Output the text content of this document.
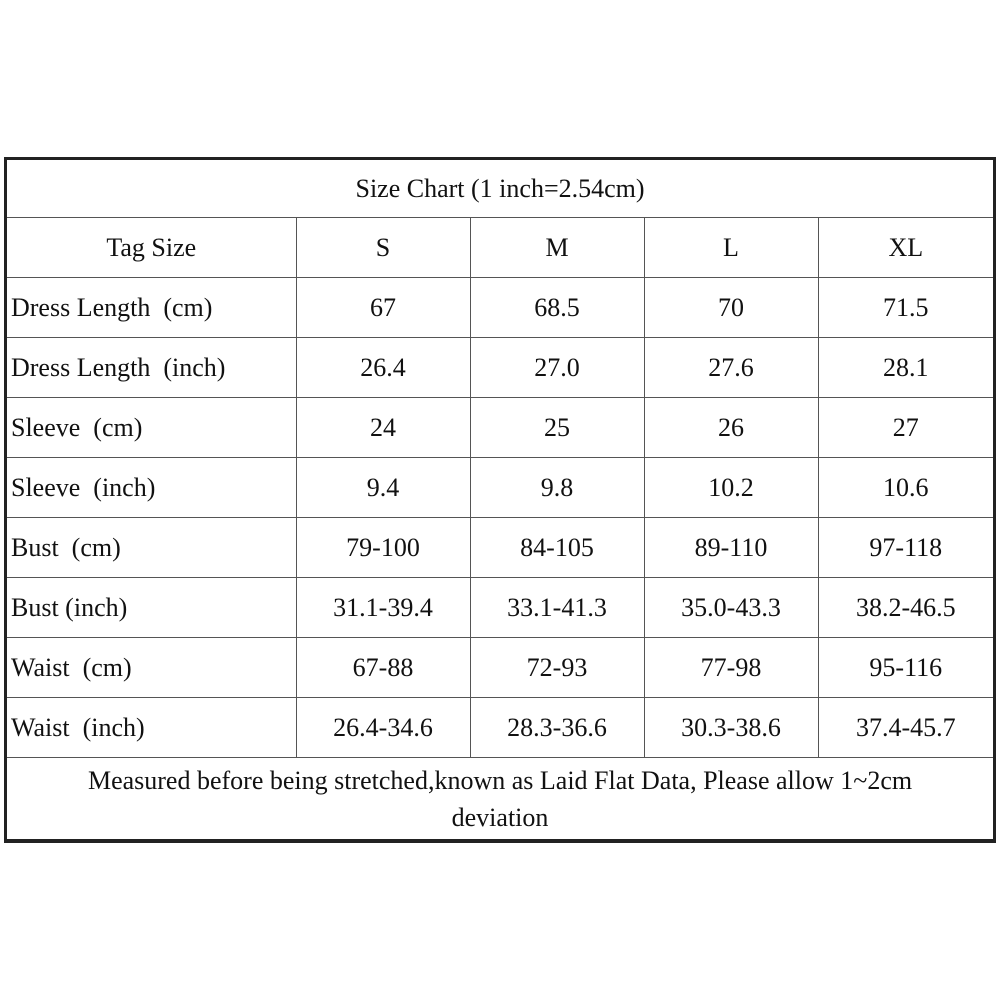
Size Chart (1 inch=2.54cm)				
Tag Size	S	M	L	XL
Dress Length  (cm)	67	68.5	70	71.5
Dress Length  (inch)	26.4	27.0	27.6	28.1
Sleeve  (cm)	24	25	26	27
Sleeve  (inch)	9.4	9.8	10.2	10.6
Bust  (cm)	79-100	84-105	89-110	97-118
Bust (inch)	31.1-39.4	33.1-41.3	35.0-43.3	38.2-46.5
Waist  (cm)	67-88	72-93	77-98	95-116
Waist  (inch)	26.4-34.6	28.3-36.6	30.3-38.6	37.4-45.7
Measured before being stretched,known as Laid Flat Data, Please allow 1~2cm deviation				
